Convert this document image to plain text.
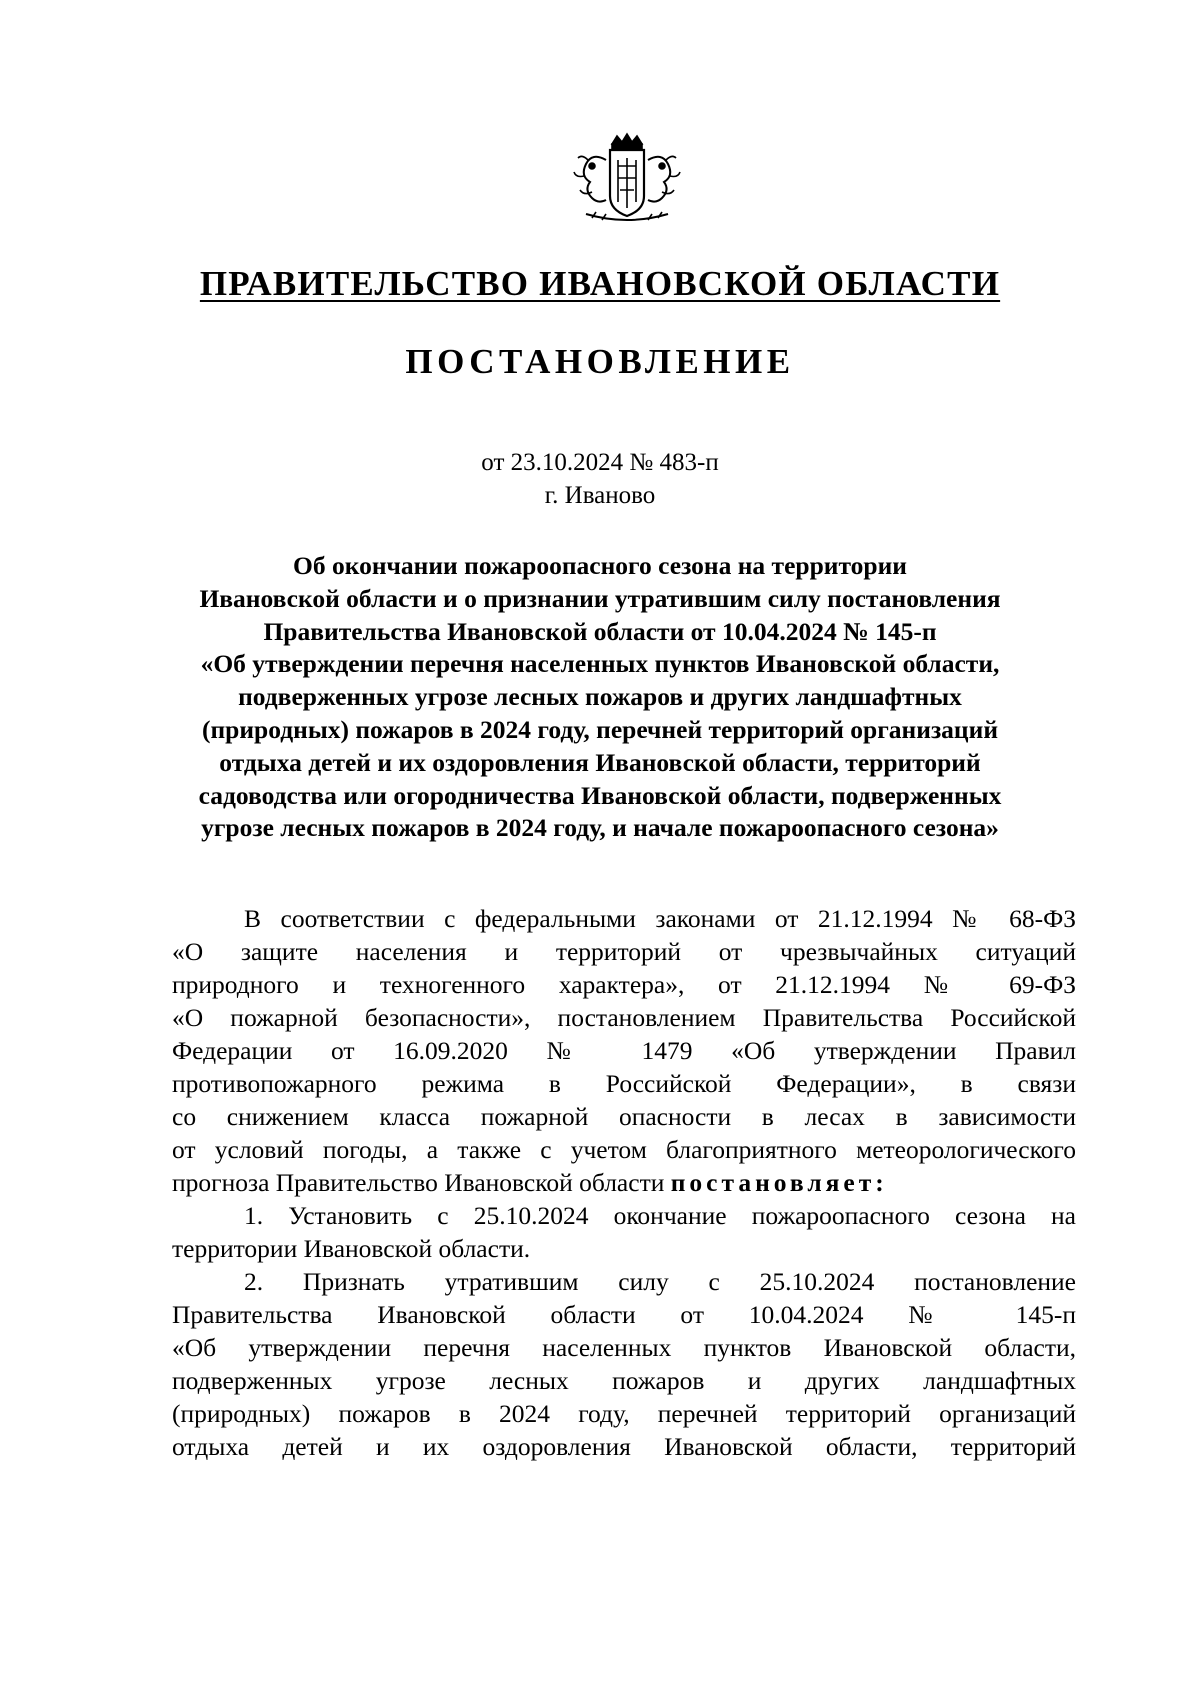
ПРАВИТЕЛЬСТВО ИВАНОВСКОЙ ОБЛАСТИ
ПОСТАНОВЛЕНИЕ
от 23.10.2024 № 483-п
г. Иваново
Об окончании пожароопасного сезона на территории
Ивановской области и о признании утратившим силу постановления
Правительства Ивановской области от 10.04.2024 № 145-п
«Об утверждении перечня населенных пунктов Ивановской области,
подверженных угрозе лесных пожаров и других ландшафтных
(природных) пожаров в 2024 году, перечней территорий организаций
отдыха детей и их оздоровления Ивановской области, территорий
садоводства или огородничества Ивановской области, подверженных
угрозе лесных пожаров в 2024 году, и начале пожароопасного сезона»
В соответствии с федеральными законами от 21.12.1994 № 68-ФЗ
«О защите населения и территорий от чрезвычайных ситуаций
природного и техногенного характера», от 21.12.1994 № 69-ФЗ
«О пожарной безопасности», постановлением Правительства Российской
Федерации от 16.09.2020 № 1479 «Об утверждении Правил
противопожарного режима в Российской Федерации», в связи
со снижением класса пожарной опасности в лесах в зависимости
от условий погоды, а также с учетом благоприятного метеорологического
прогноза Правительство Ивановской области постановляет:
1. Установить с 25.10.2024 окончание пожароопасного сезона на
территории Ивановской области.
2. Признать утратившим силу с 25.10.2024 постановление
Правительства Ивановской области от 10.04.2024 № 145-п
«Об утверждении перечня населенных пунктов Ивановской области,
подверженных угрозе лесных пожаров и других ландшафтных
(природных) пожаров в 2024 году, перечней территорий организаций
отдыха детей и их оздоровления Ивановской области, территорий
